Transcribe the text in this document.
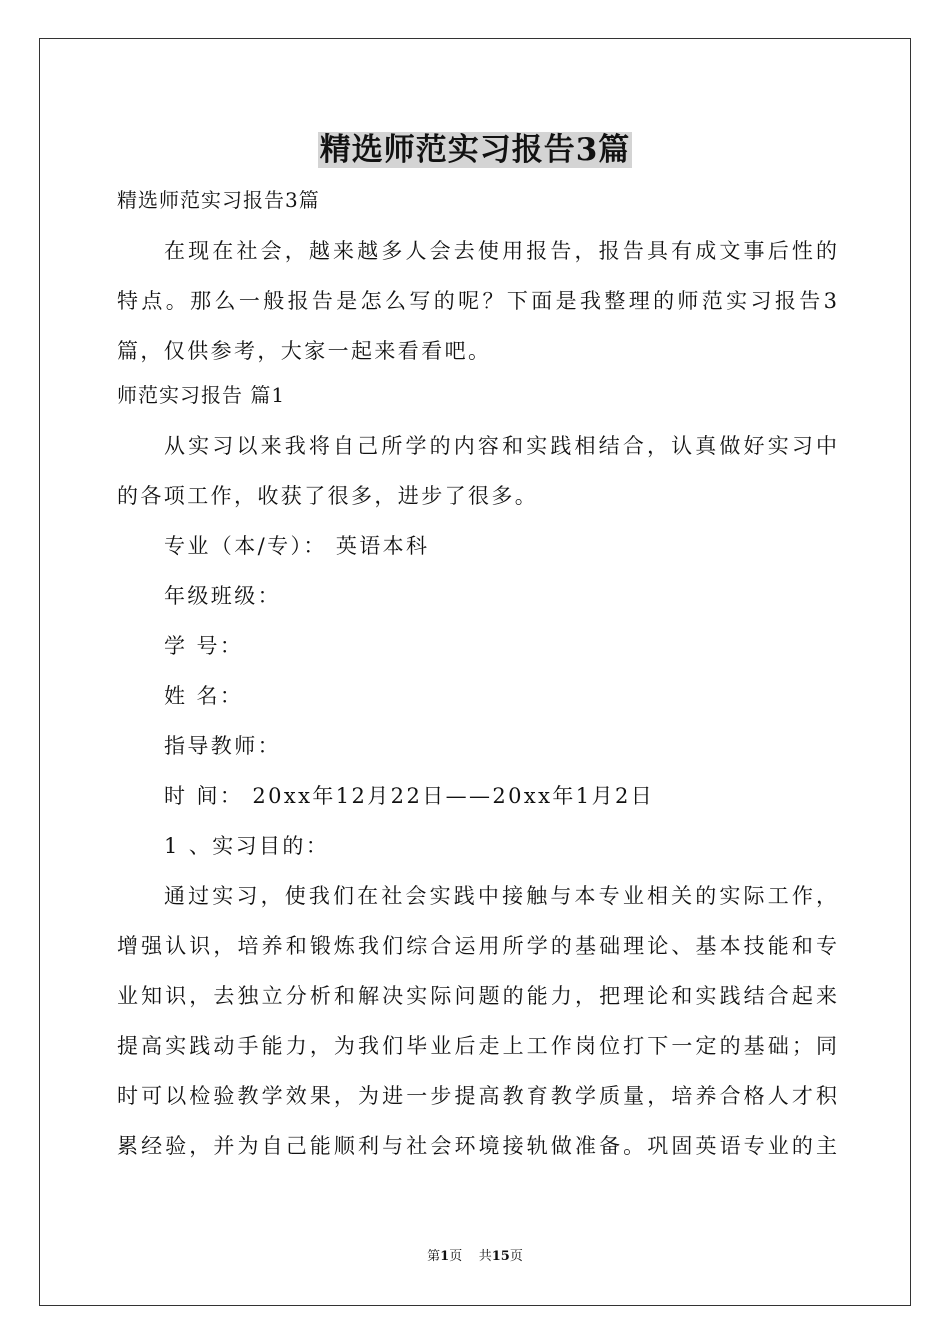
精选师范实习报告3篇
精选师范实习报告3篇
在现在社会，越来越多人会去使用报告，报告具有成文事后性的
特点。那么一般报告是怎么写的呢？下面是我整理的师范实习报告3
篇，仅供参考，大家一起来看看吧。
师范实习报告 篇1
从实习以来我将自己所学的内容和实践相结合，认真做好实习中
的各项工作，收获了很多，进步了很多。
专业（本/专）： 英语本科
年级班级：
学 号：
姓 名：
指导教师：
时 间： 20xx年12月22日——20xx年1月2日
1 、实习目的：
通过实习，使我们在社会实践中接触与本专业相关的实际工作，
增强认识，培养和锻炼我们综合运用所学的基础理论、基本技能和专
业知识，去独立分析和解决实际问题的能力，把理论和实践结合起来
提高实践动手能力，为我们毕业后走上工作岗位打下一定的基础；同
时可以检验教学效果，为进一步提高教育教学质量，培养合格人才积
累经验，并为自己能顺利与社会环境接轨做准备。巩固英语专业的主
第1页    共15页
